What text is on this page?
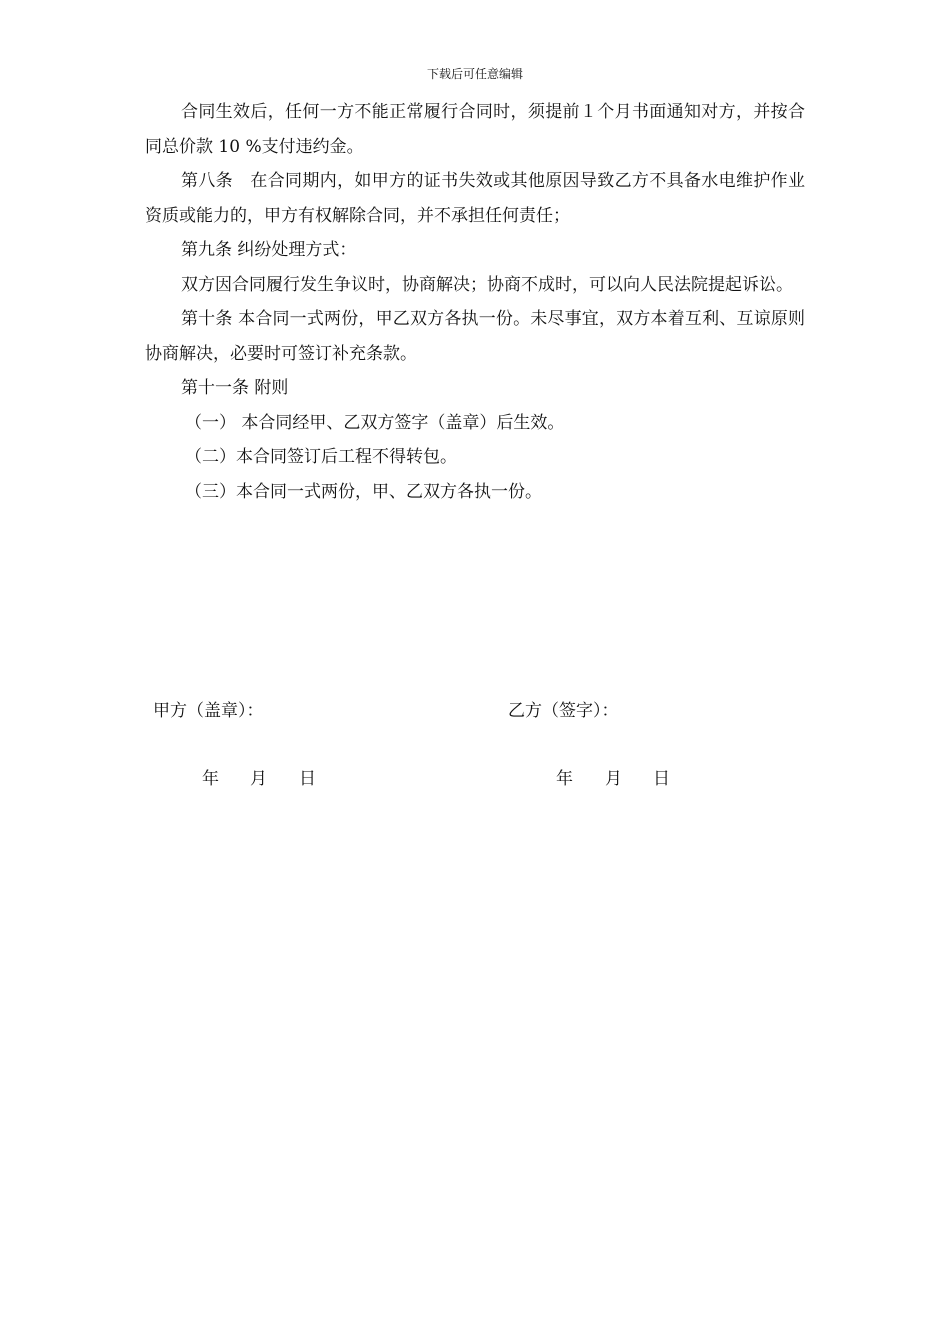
下载后可任意编辑

合同生效后，任何一方不能正常履行合同时，须提前１个月书面通知对方，并按合同总价款 10 %支付违约金。

第八条　在合同期内，如甲方的证书失效或其他原因导致乙方不具备水电维护作业资质或能力的，甲方有权解除合同，并不承担任何责任；

第九条 纠纷处理方式：

双方因合同履行发生争议时，协商解决；协商不成时，可以向人民法院提起诉讼。

第十条 本合同一式两份，甲乙双方各执一份。未尽事宜，双方本着互利、互谅原则协商解决，必要时可签订补充条款。

第十一条 附则

（一） 本合同经甲、乙双方签字（盖章）后生效。

（二）本合同签订后工程不得转包。

（三）本合同一式两份，甲、乙双方各执一份。

甲方（盖章）：	乙方（签字）：
年 月 日	年 月 日
